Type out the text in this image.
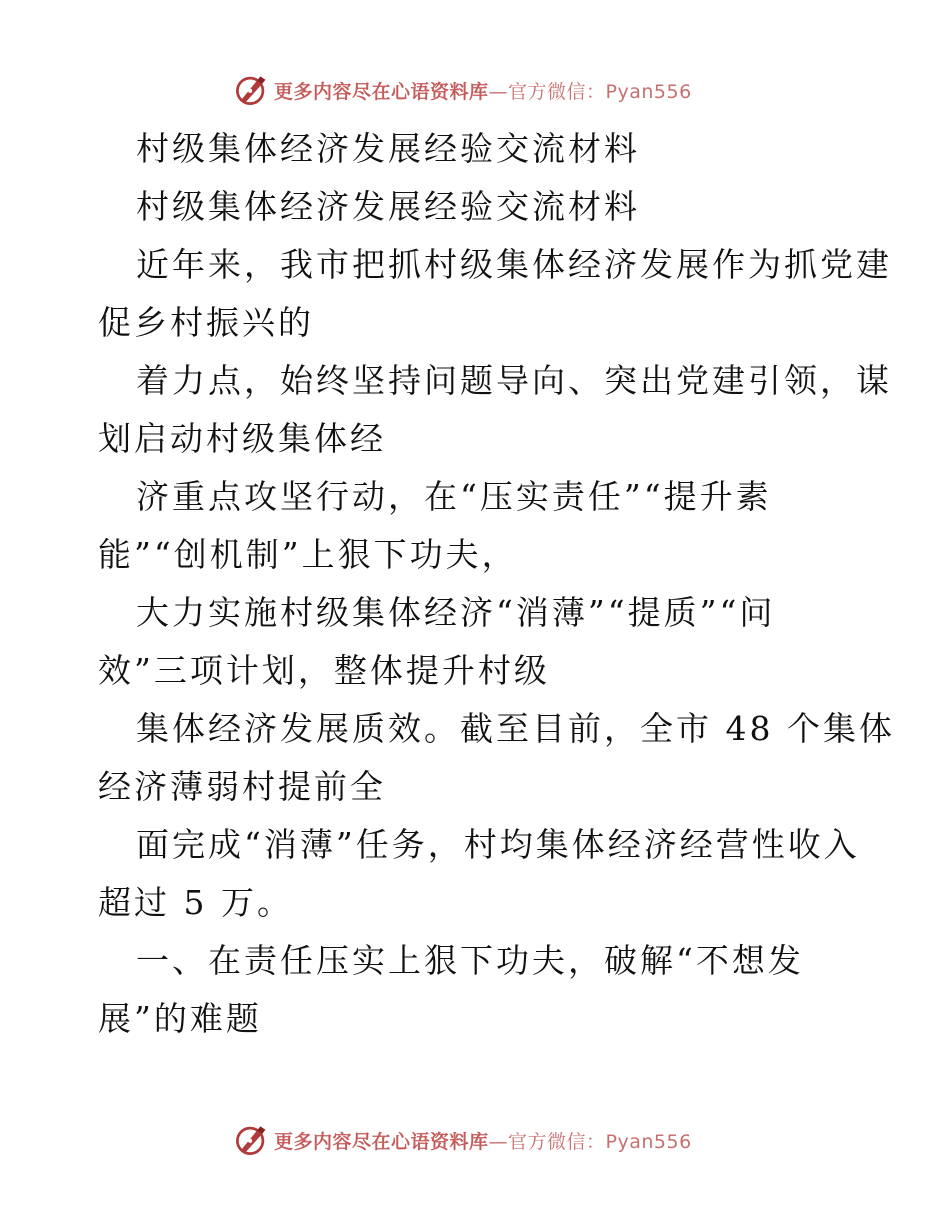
更多内容尽在心语资料库—官方微信：Pyan556

村级集体经济发展经验交流材料

村级集体经济发展经验交流材料

近年来，我市把抓村级集体经济发展作为抓党建

促乡村振兴的

着力点，始终坚持问题导向、突出党建引领，谋

划启动村级集体经

济重点攻坚行动，在“压实责任”“提升素

能”“创机制”上狠下功夫，

大力实施村级集体经济“消薄”“提质”“问

效”三项计划，整体提升村级

集体经济发展质效。截至目前，全市 48 个集体

经济薄弱村提前全

面完成“消薄”任务，村均集体经济经营性收入

超过 5 万。

一、在责任压实上狠下功夫，破解“不想发

展”的难题

更多内容尽在心语资料库—官方微信：Pyan556
